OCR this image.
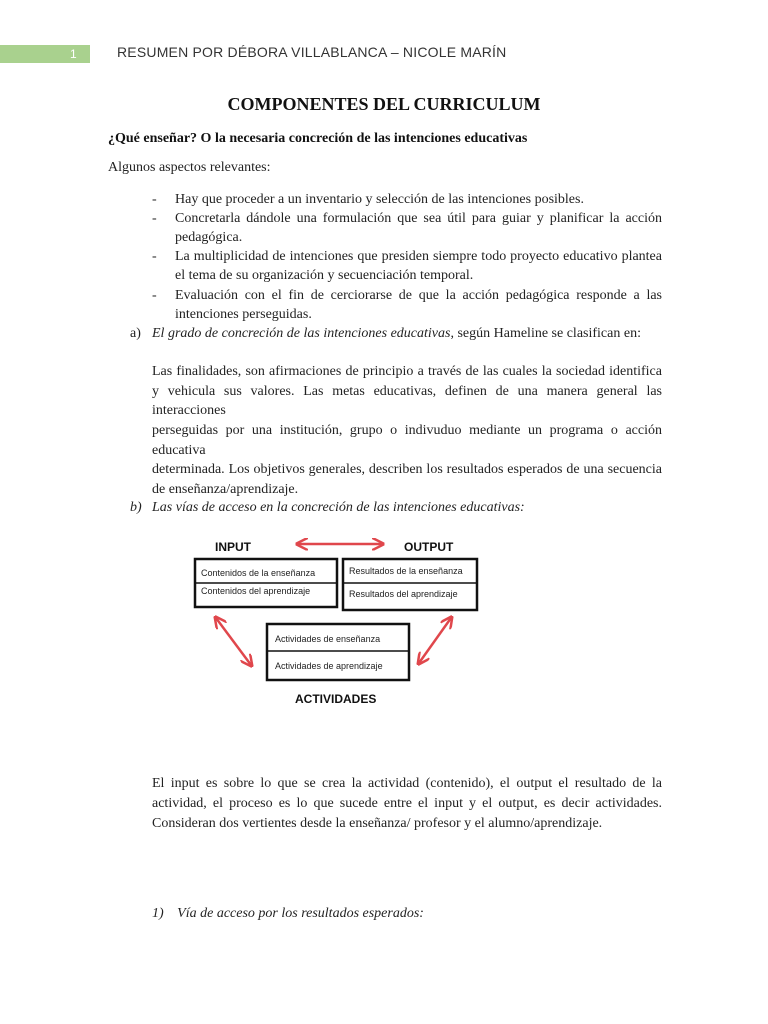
1	RESUMEN POR DÉBORA VILLABLANCA – NICOLE MARÍN
COMPONENTES DEL CURRICULUM
¿Qué enseñar? O la necesaria concreción de las intenciones educativas
Algunos aspectos relevantes:
- Hay que proceder a un inventario y selección de las intenciones posibles.
- Concretarla dándole una formulación que sea útil para guiar y planificar la acción pedagógica.
- La multiplicidad de intenciones que presiden siempre todo proyecto educativo plantea el tema de su organización y secuenciación temporal.
- Evaluación con el fin de cerciorarse de que la acción pedagógica responde a las intenciones perseguidas.
a) El grado de concreción de las intenciones educativas, según Hameline se clasifican en:
Las finalidades, son afirmaciones de principio a través de las cuales la sociedad identifica y vehicula sus valores. Las metas educativas, definen de una manera general las interacciones
perseguidas por una institución, grupo o indivuduo mediante un programa o acción educativa
determinada. Los objetivos generales, describen los resultados esperados de una secuencia de enseñanza/aprendizaje.
b) Las vías de acceso en la concreción de las intenciones educativas:
INPUT	OUTPUT
Contenidos de la enseñanza
Contenidos del aprendizaje
Resultados de la enseñanza
Resultados del aprendizaje
Actividades de enseñanza
Actividades de aprendizaje
ACTIVIDADES
El input es sobre lo que se crea la actividad (contenido), el output el resultado de la actividad, el proceso es lo que sucede entre el input y el output, es decir actividades. Consideran dos vertientes desde la enseñanza/ profesor y el alumno/aprendizaje.
1) Vía de acceso por los resultados esperados:
